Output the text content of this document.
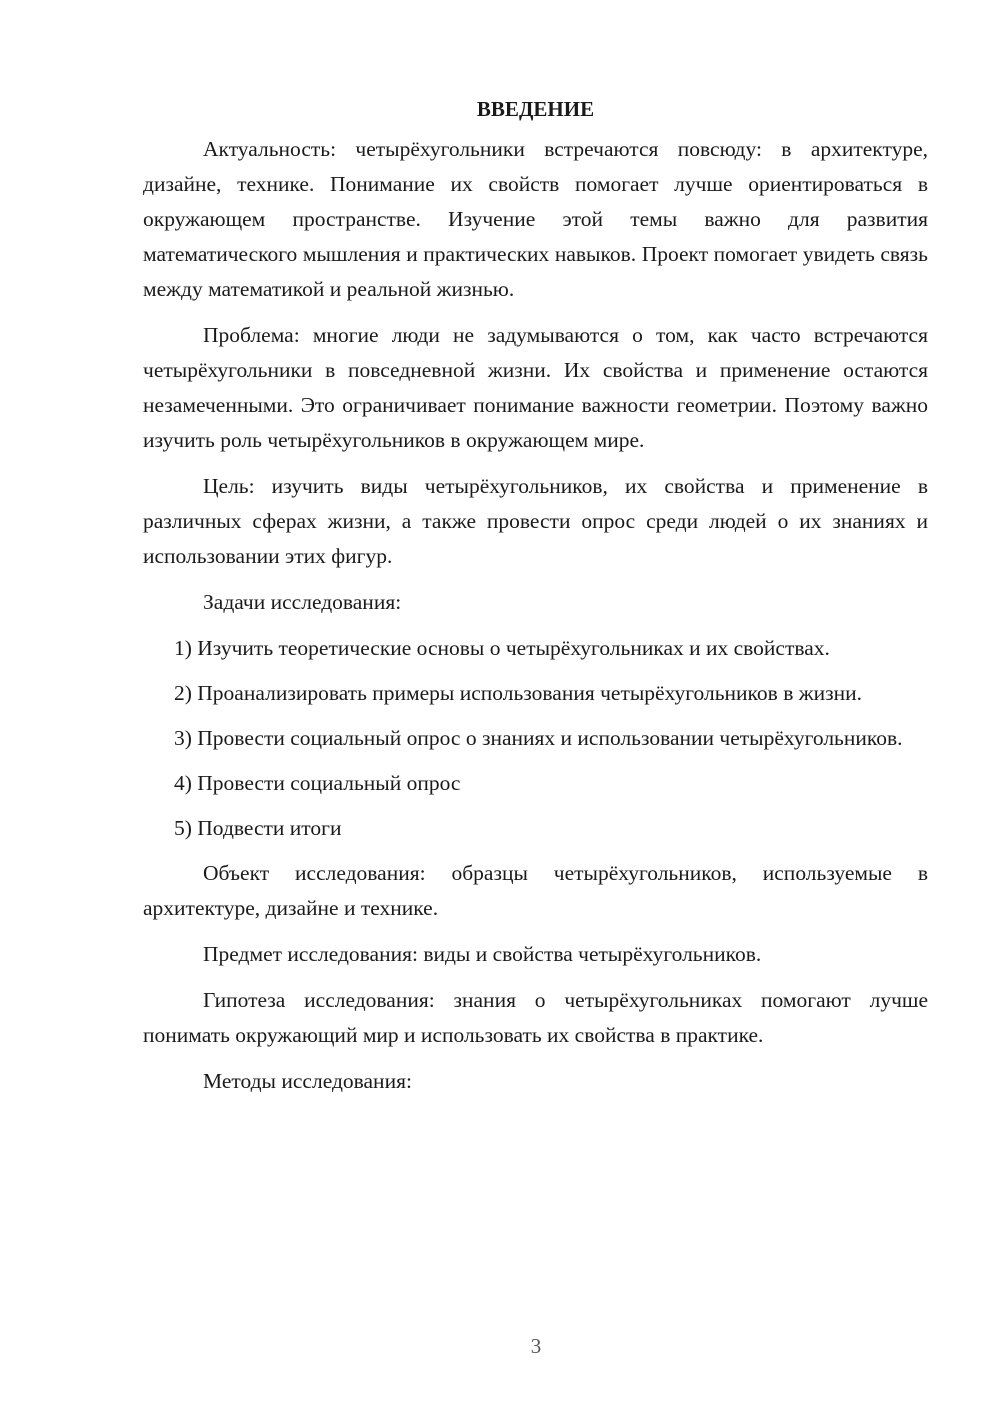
ВВЕДЕНИЕ

Актуальность: четырёхугольники встречаются повсюду: в архитектуре, дизайне, технике. Понимание их свойств помогает лучше ориентироваться в окружающем пространстве. Изучение этой темы важно для развития математического мышления и практических навыков. Проект помогает увидеть связь между математикой и реальной жизнью.

Проблема: многие люди не задумываются о том, как часто встречаются четырёхугольники в повседневной жизни. Их свойства и применение остаются незамеченными. Это ограничивает понимание важности геометрии. Поэтому важно изучить роль четырёхугольников в окружающем мире.

Цель: изучить виды четырёхугольников, их свойства и применение в различных сферах жизни, а также провести опрос среди людей о их знаниях и использовании этих фигур.

Задачи исследования:

1) Изучить теоретические основы о четырёхугольниках и их свойствах.

2) Проанализировать примеры использования четырёхугольников в жизни.

3) Провести социальный опрос о знаниях и использовании четырёхугольников.

4) Провести социальный опрос

5) Подвести итоги

Объект исследования: образцы четырёхугольников, используемые в архитектуре, дизайне и технике.

Предмет исследования: виды и свойства четырёхугольников.

Гипотеза исследования: знания о четырёхугольниках помогают лучше понимать окружающий мир и использовать их свойства в практике.

Методы исследования:

3
